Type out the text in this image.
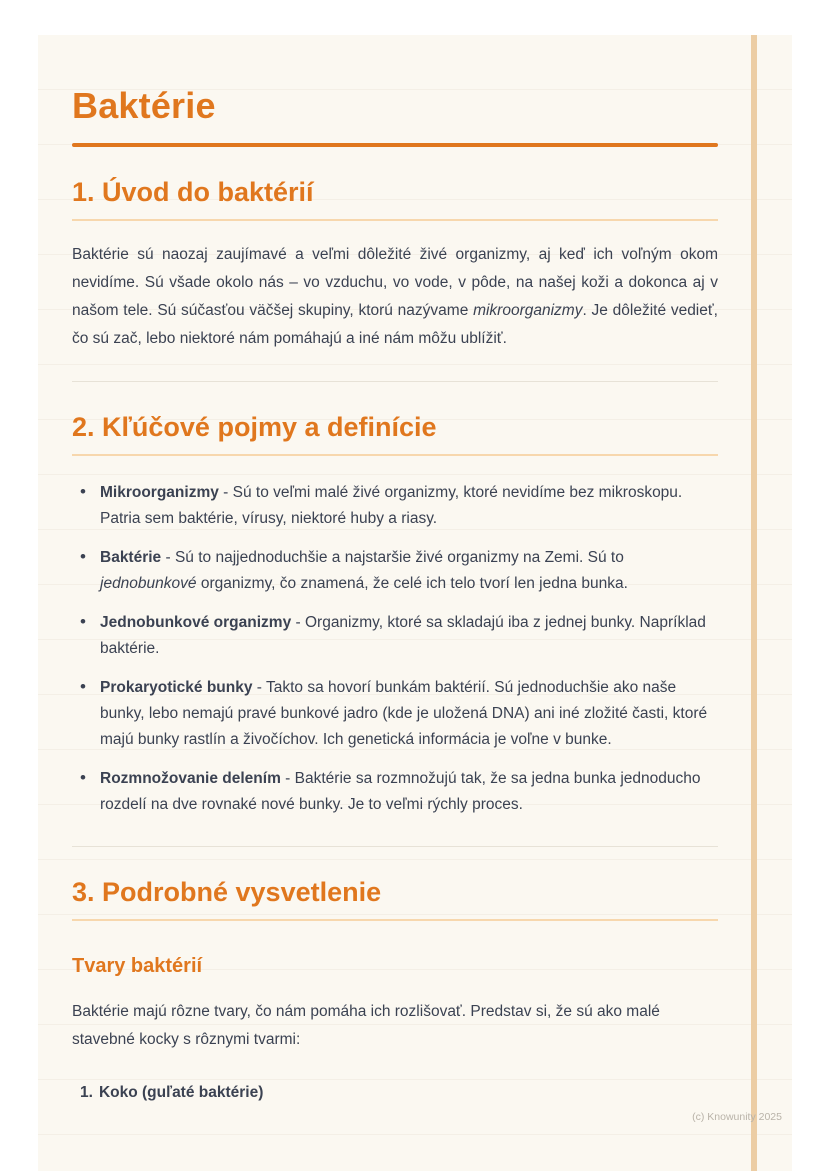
Baktérie
1. Úvod do baktérií

Baktérie sú naozaj zaujímavé a veľmi dôležité živé organizmy, aj keď ich voľným okom nevidíme. Sú všade okolo nás – vo vzduchu, vo vode, v pôde, na našej koži a dokonca aj v našom tele. Sú súčasťou väčšej skupiny, ktorú nazývame mikroorganizmy. Je dôležité vedieť, čo sú zač, lebo niektoré nám pomáhajú a iné nám môžu ublížiť.

2. Kľúčové pojmy a definície
• Mikroorganizmy - Sú to veľmi malé živé organizmy, ktoré nevidíme bez mikroskopu. Patria sem baktérie, vírusy, niektoré huby a riasy.
• Baktérie - Sú to najjednoduchšie a najstaršie živé organizmy na Zemi. Sú to jednobunkové organizmy, čo znamená, že celé ich telo tvorí len jedna bunka.
• Jednobunkové organizmy - Organizmy, ktoré sa skladajú iba z jednej bunky. Napríklad baktérie.
• Prokaryotické bunky - Takto sa hovorí bunkám baktérií. Sú jednoduchšie ako naše bunky, lebo nemajú pravé bunkové jadro (kde je uložená DNA) ani iné zložité časti, ktoré majú bunky rastlín a živočíchov. Ich genetická informácia je voľne v bunke.
• Rozmnožovanie delením - Baktérie sa rozmnožujú tak, že sa jedna bunka jednoducho rozdelí na dve rovnaké nové bunky. Je to veľmi rýchly proces.
3. Podrobné vysvetlenie
Tvary baktérií

Baktérie majú rôzne tvary, čo nám pomáha ich rozlišovať. Predstav si, že sú ako malé stavebné kocky s rôznymi tvarmi:

1. Koko (guľaté baktérie)
(c) Knowunity 2025
